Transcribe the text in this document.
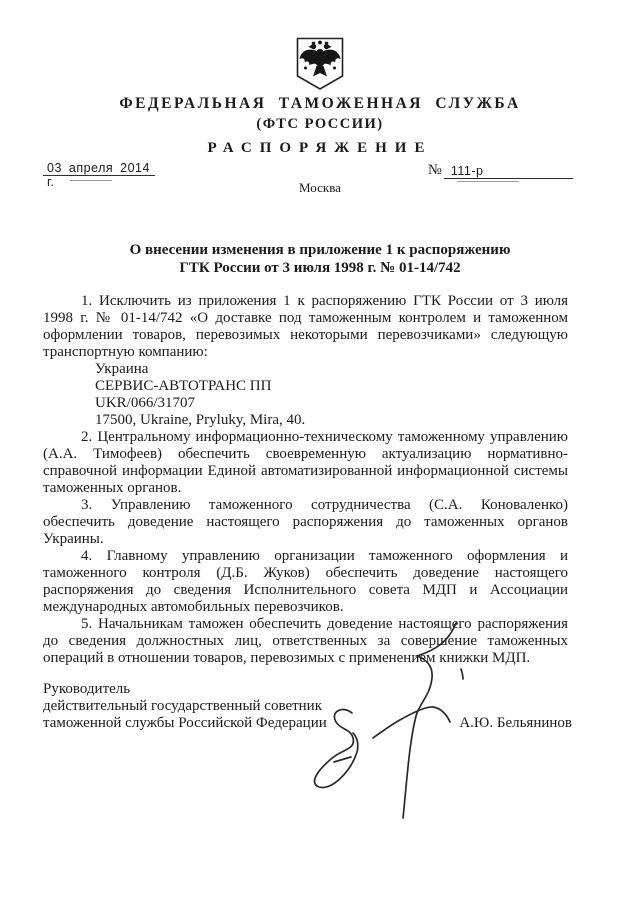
ФЕДЕРАЛЬНАЯ ТАМОЖЕННАЯ СЛУЖБА
(ФТС РОССИИ)
РАСПОРЯЖЕНИЕ
03 апреля 2014 г.
№ 111-р
Москва
О внесении изменения в приложение 1 к распоряжению
ГТК России от 3 июля 1998 г. № 01-14/742

1. Исключить из приложения 1 к распоряжению ГТК России от 3 июля 1998 г. № 01-14/742 «О доставке под таможенным контролем и таможенном оформлении товаров, перевозимых некоторыми перевозчиками» следующую транспортную компанию:

Украина
СЕРВИС-АВТОТРАНС ПП
UKR/066/31707
17500, Ukraine, Pryluky, Mira, 40.

2. Центральному информационно-техническому таможенному управлению (А.А. Тимофеев) обеспечить своевременную актуализацию нормативно-справочной информации Единой автоматизированной информационной системы таможенных органов.

3. Управлению таможенного сотрудничества (С.А. Коноваленко) обеспечить доведение настоящего распоряжения до таможенных органов Украины.

4. Главному управлению организации таможенного оформления и таможенного контроля (Д.Б. Жуков) обеспечить доведение настоящего распоряжения до сведения Исполнительного совета МДП и Ассоциации международных автомобильных перевозчиков.

5. Начальникам таможен обеспечить доведение настоящего распоряжения до сведения должностных лиц, ответственных за совершение таможенных операций в отношении товаров, перевозимых с применением книжки МДП.

Руководитель
действительный государственный советник
таможенной службы Российской Федерации	А.Ю. Бельянинов
